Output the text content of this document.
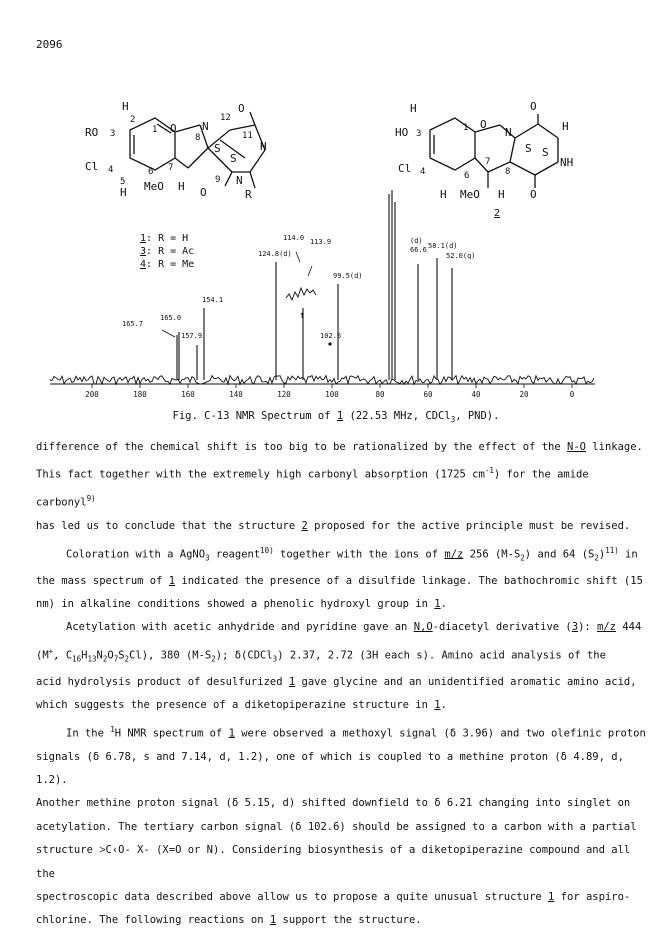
2096
H
2
RO 3	1 O N
12
O
8
S
S
11
H
Cl 4
5
H
6 7
MeO H O
9 N
R
H	O
HO 3
1 O
N	H
S S
Cl 4	6
7
8
NH
H MeO H O
1: R = H
3: R = Ac
4: R = Me
2
↑
165.7
165.0
157.9
154.1
124.8(d)
114.0 113.9
102.6
99.5(d)
(d)
66.6 58.1(d)
52.0(q)
200	180	160	140	120	100	80	60	40	20	0
Fig. C-13 NMR Spectrum of 1 (22.53 MHz, CDCl$_3$, PND).

difference of the chemical shift is too big to be rationalized by the effect of the N-O linkage.

This fact together with the extremely high carbonyl absorption (1725 $cm^{-1}$) for the amide carbonyl$^{9)}$

has led us to conclude that the structure 2 proposed for the active principle must be revised.

Coloration with a AgNO$_3$ reagent$^{10)}$ together with the ions of m/z 256 $(M-S_2)$ and 64 $(S_2)^{11)}$ in

the mass spectrum of 1 indicated the presence of a disulfide linkage. The bathochromic shift (15

nm) in alkaline conditions showed a phenolic hydroxyl group in 1.

Acetylation with acetic anhydride and pyridine gave an N,O-diacetyl derivative (3): m/z 444

(M+, $C_{16}H_{13}N_2O_7S_2Cl$), 380 $(M-S_2)$; δ(CDCl$_3$) 2.37, 2.72 (3H each s). Amino acid analysis of the

acid hydrolysis product of desulfurized 1 gave glycine and an unidentified aromatic amino acid,

which suggests the presence of a diketopiperazine structure in 1.

In the $^1$H NMR spectrum of 1 were observed a methoxyl signal (δ 3.96) and two olefinic proton

signals (δ 6.78, s and 7.14, d, 1.2), one of which is coupled to a methine proton (δ 4.89, d, 1.2).

Another methine proton signal (δ 5.15, d) shifted downfield to δ 6.21 changing into singlet on

acetylation. The tertiary carbon signal (δ 102.6) should be assigned to a carbon with a partial

structure ˃C‹O- X- (X=O or N). Considering biosynthesis of a diketopiperazine compound and all the

spectroscopic data described above allow us to propose a quite unusual structure 1 for aspiro-

chlorine. The following reactions on 1 support the structure.
